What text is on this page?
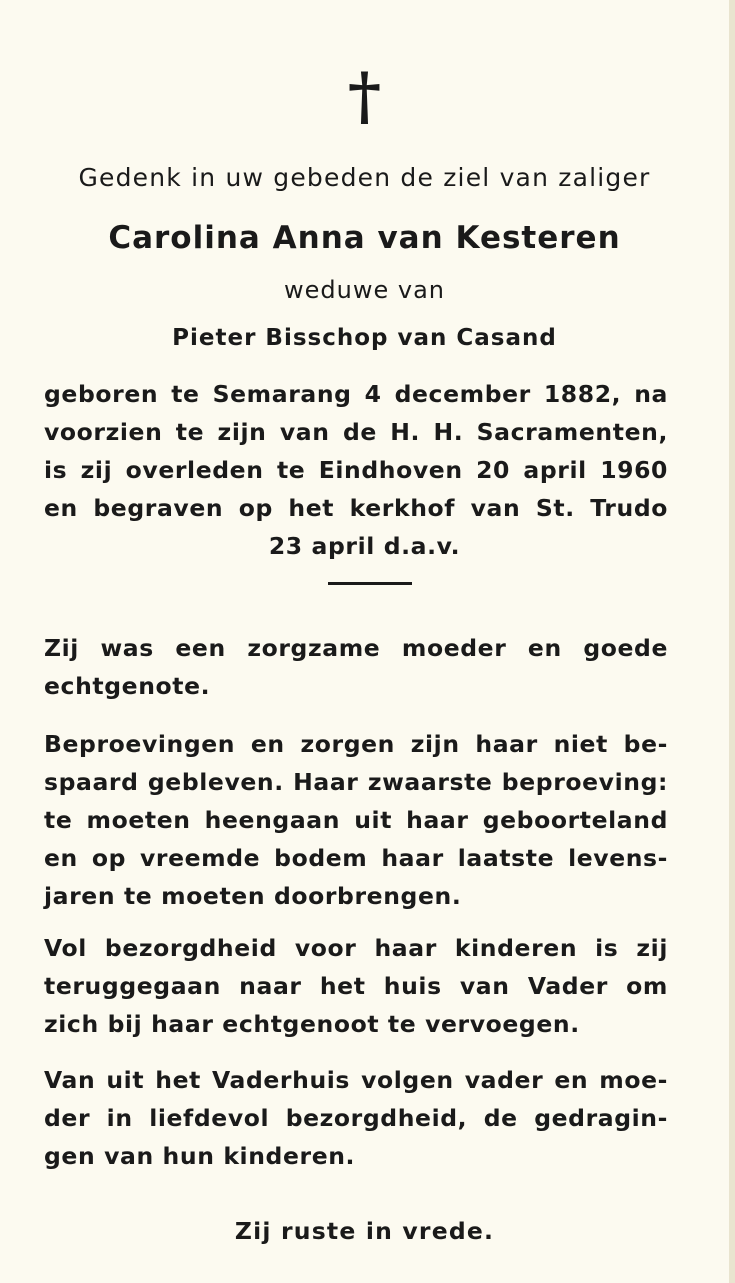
†
Gedenk in uw gebeden de ziel van zaliger
Carolina Anna van Kesteren
weduwe van
Pieter Bisschop van Casand
geboren te Semarang 4 december 1882, na
voorzien te zijn van de H. H. Sacramenten,
is zij overleden te Eindhoven 20 april 1960
en begraven op het kerkhof van St. Trudo
23 april d.a.v.
Zij was een zorgzame moeder en goede
echtgenote.
Beproevingen en zorgen zijn haar niet be-
spaard gebleven. Haar zwaarste beproeving:
te moeten heengaan uit haar geboorteland
en op vreemde bodem haar laatste levens-
jaren te moeten doorbrengen.
Vol bezorgdheid voor haar kinderen is zij
teruggegaan naar het huis van Vader om
zich bij haar echtgenoot te vervoegen.
Van uit het Vaderhuis volgen vader en moe-
der in liefdevol bezorgdheid, de gedragin-
gen van hun kinderen.
Zij ruste in vrede.
